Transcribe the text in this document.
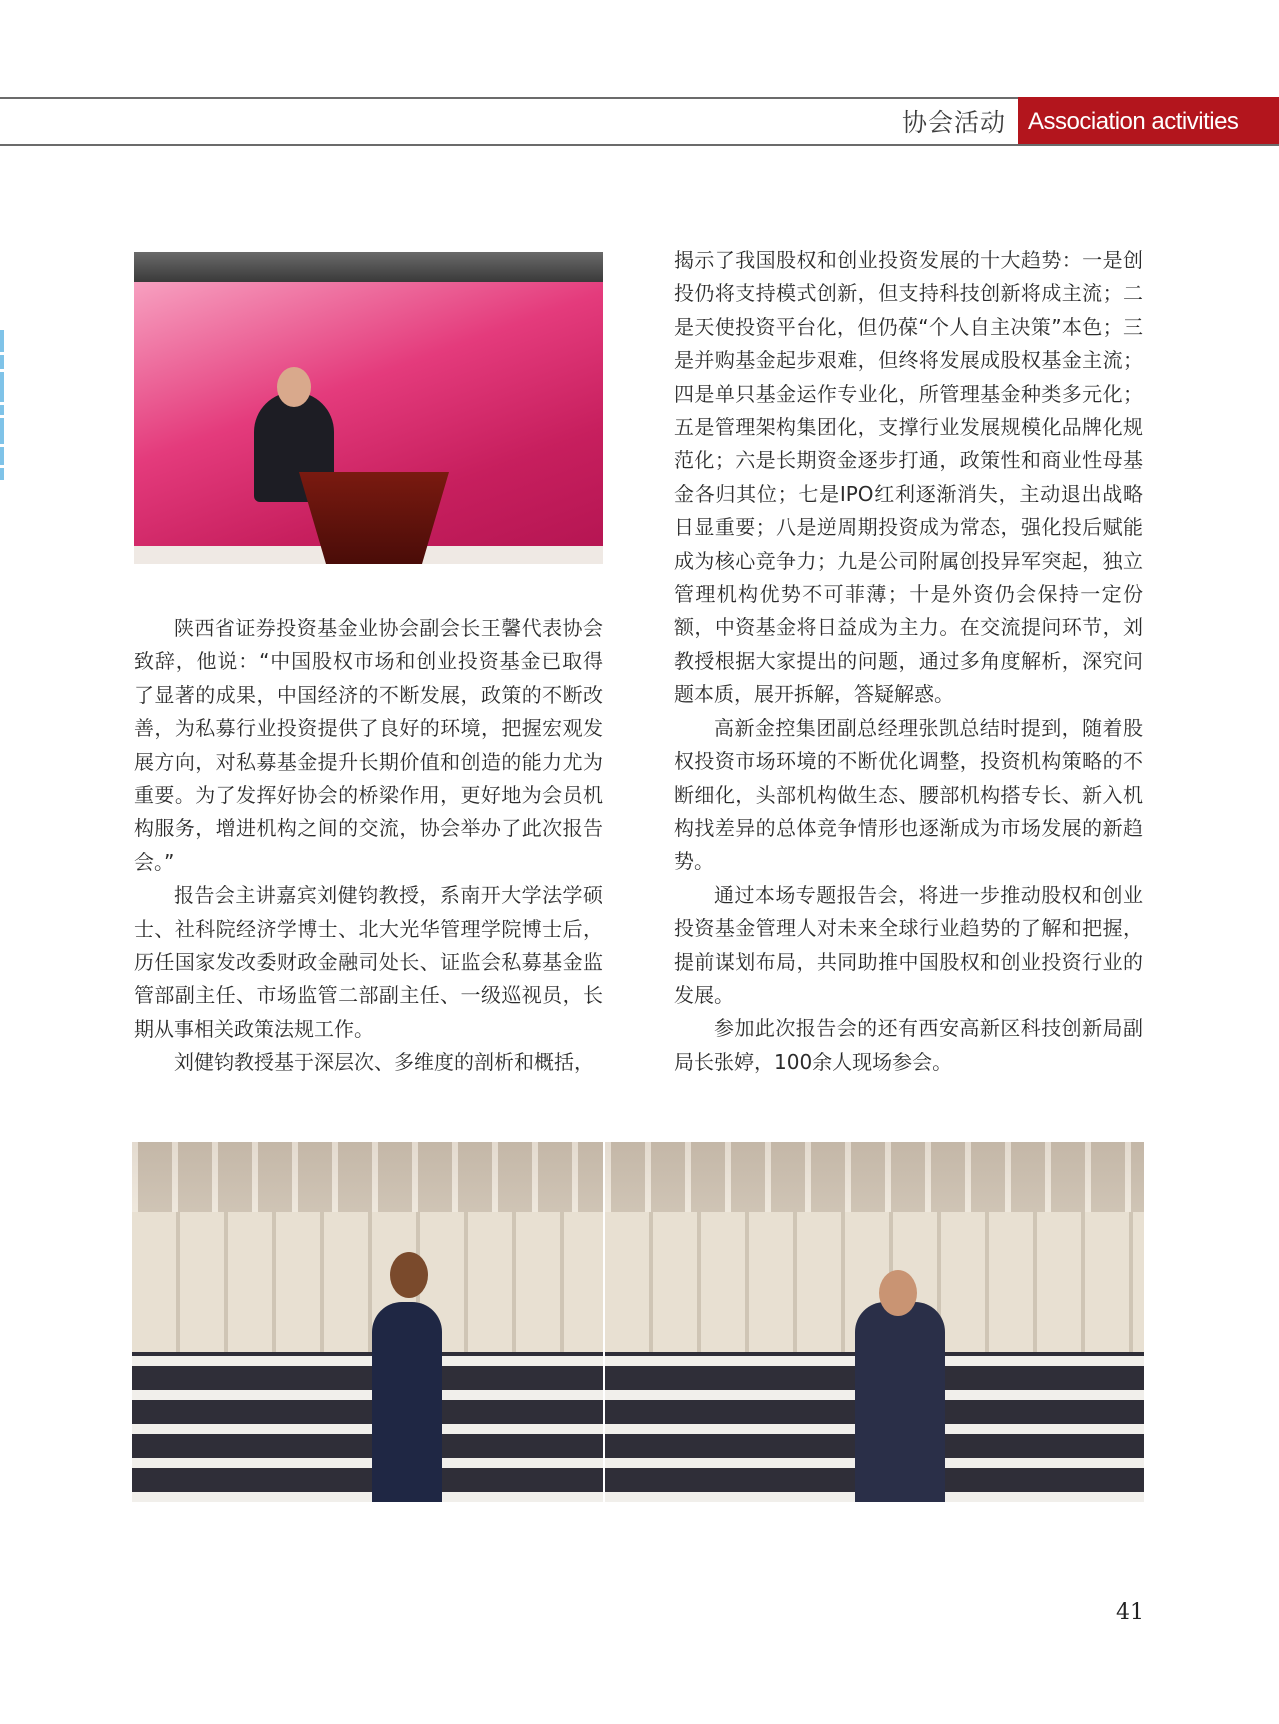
协会活动 Association activities

陕西省证券投资基金业协会副会长王馨代表协会致辞，他说：“中国股权市场和创业投资基金已取得了显著的成果，中国经济的不断发展，政策的不断改善，为私募行业投资提供了良好的环境，把握宏观发展方向，对私募基金提升长期价值和创造的能力尤为重要。为了发挥好协会的桥梁作用，更好地为会员机构服务，增进机构之间的交流，协会举办了此次报告会。”

报告会主讲嘉宾刘健钧教授，系南开大学法学硕士、社科院经济学博士、北大光华管理学院博士后，历任国家发改委财政金融司处长、证监会私募基金监管部副主任、市场监管二部副主任、一级巡视员，长期从事相关政策法规工作。

刘健钧教授基于深层次、多维度的剖析和概括，

揭示了我国股权和创业投资发展的十大趋势：一是创投仍将支持模式创新，但支持科技创新将成主流；二是天使投资平台化，但仍葆“个人自主决策”本色；三是并购基金起步艰难，但终将发展成股权基金主流；四是单只基金运作专业化，所管理基金种类多元化；五是管理架构集团化，支撑行业发展规模化品牌化规范化；六是长期资金逐步打通，政策性和商业性母基金各归其位；七是IPO红利逐渐消失，主动退出战略日显重要；八是逆周期投资成为常态，强化投后赋能成为核心竞争力；九是公司附属创投异军突起，独立管理机构优势不可菲薄；十是外资仍会保持一定份额，中资基金将日益成为主力。在交流提问环节，刘教授根据大家提出的问题，通过多角度解析，深究问题本质，展开拆解，答疑解惑。

高新金控集团副总经理张凯总结时提到，随着股权投资市场环境的不断优化调整，投资机构策略的不断细化，头部机构做生态、腰部机构搭专长、新入机构找差异的总体竞争情形也逐渐成为市场发展的新趋势。

通过本场专题报告会，将进一步推动股权和创业投资基金管理人对未来全球行业趋势的了解和把握，提前谋划布局，共同助推中国股权和创业投资行业的发展。

参加此次报告会的还有西安高新区科技创新局副局长张婷，100余人现场参会。

41
